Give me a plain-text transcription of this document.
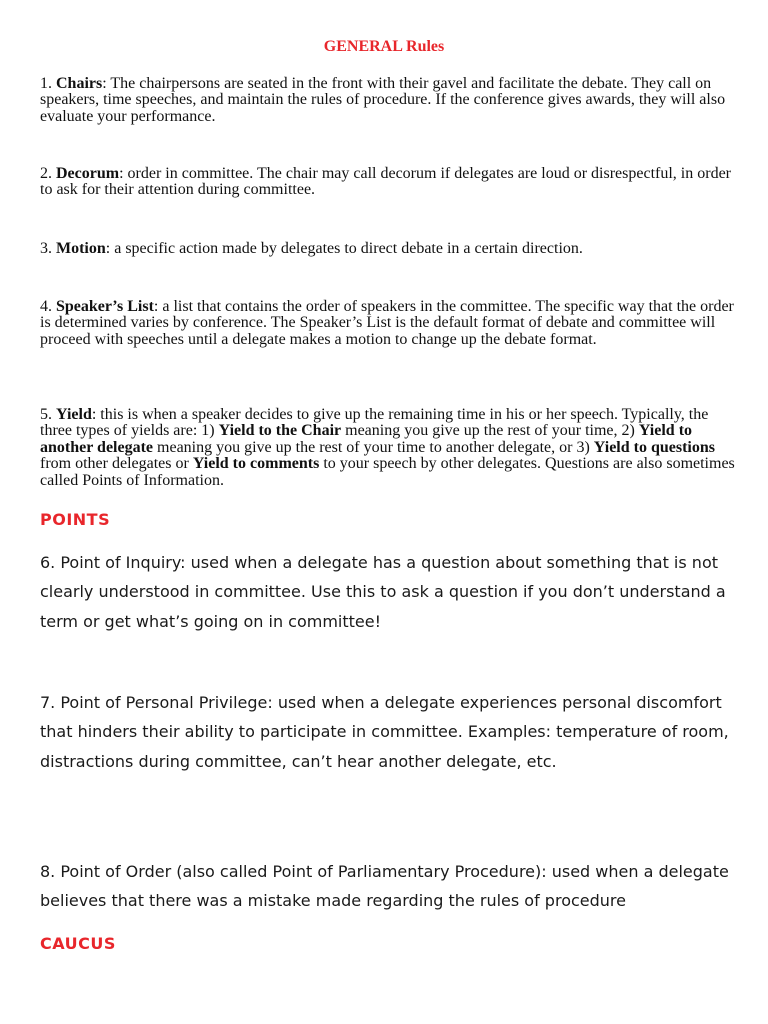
GENERAL Rules
1. Chairs: The chairpersons are seated in the front with their gavel and facilitate the debate. They call on speakers, time speeches, and maintain the rules of procedure. If the conference gives awards, they will also evaluate your performance.
2. Decorum: order in committee. The chair may call decorum if delegates are loud or disrespectful, in order to ask for their attention during committee.
3. Motion: a specific action made by delegates to direct debate in a certain direction.
4. Speaker’s List: a list that contains the order of speakers in the committee. The specific way that the order is determined varies by conference. The Speaker’s List is the default format of debate and committee will proceed with speeches until a delegate makes a motion to change up the debate format.
5. Yield: this is when a speaker decides to give up the remaining time in his or her speech. Typically, the three types of yields are: 1) Yield to the Chair meaning you give up the rest of your time, 2) Yield to another delegate meaning you give up the rest of your time to another delegate, or 3) Yield to questions from other delegates or Yield to comments to your speech by other delegates. Questions are also sometimes called Points of Information.
POINTS
6. Point of Inquiry: used when a delegate has a question about something that is not clearly understood in committee. Use this to ask a question if you don’t understand a term or get what’s going on in committee!
7. Point of Personal Privilege: used when a delegate experiences personal discomfort that hinders their ability to participate in committee. Examples: temperature of room, distractions during committee, can’t hear another delegate, etc.
8. Point of Order (also called Point of Parliamentary Procedure): used when a delegate believes that there was a mistake made regarding the rules of procedure
CAUCUS
